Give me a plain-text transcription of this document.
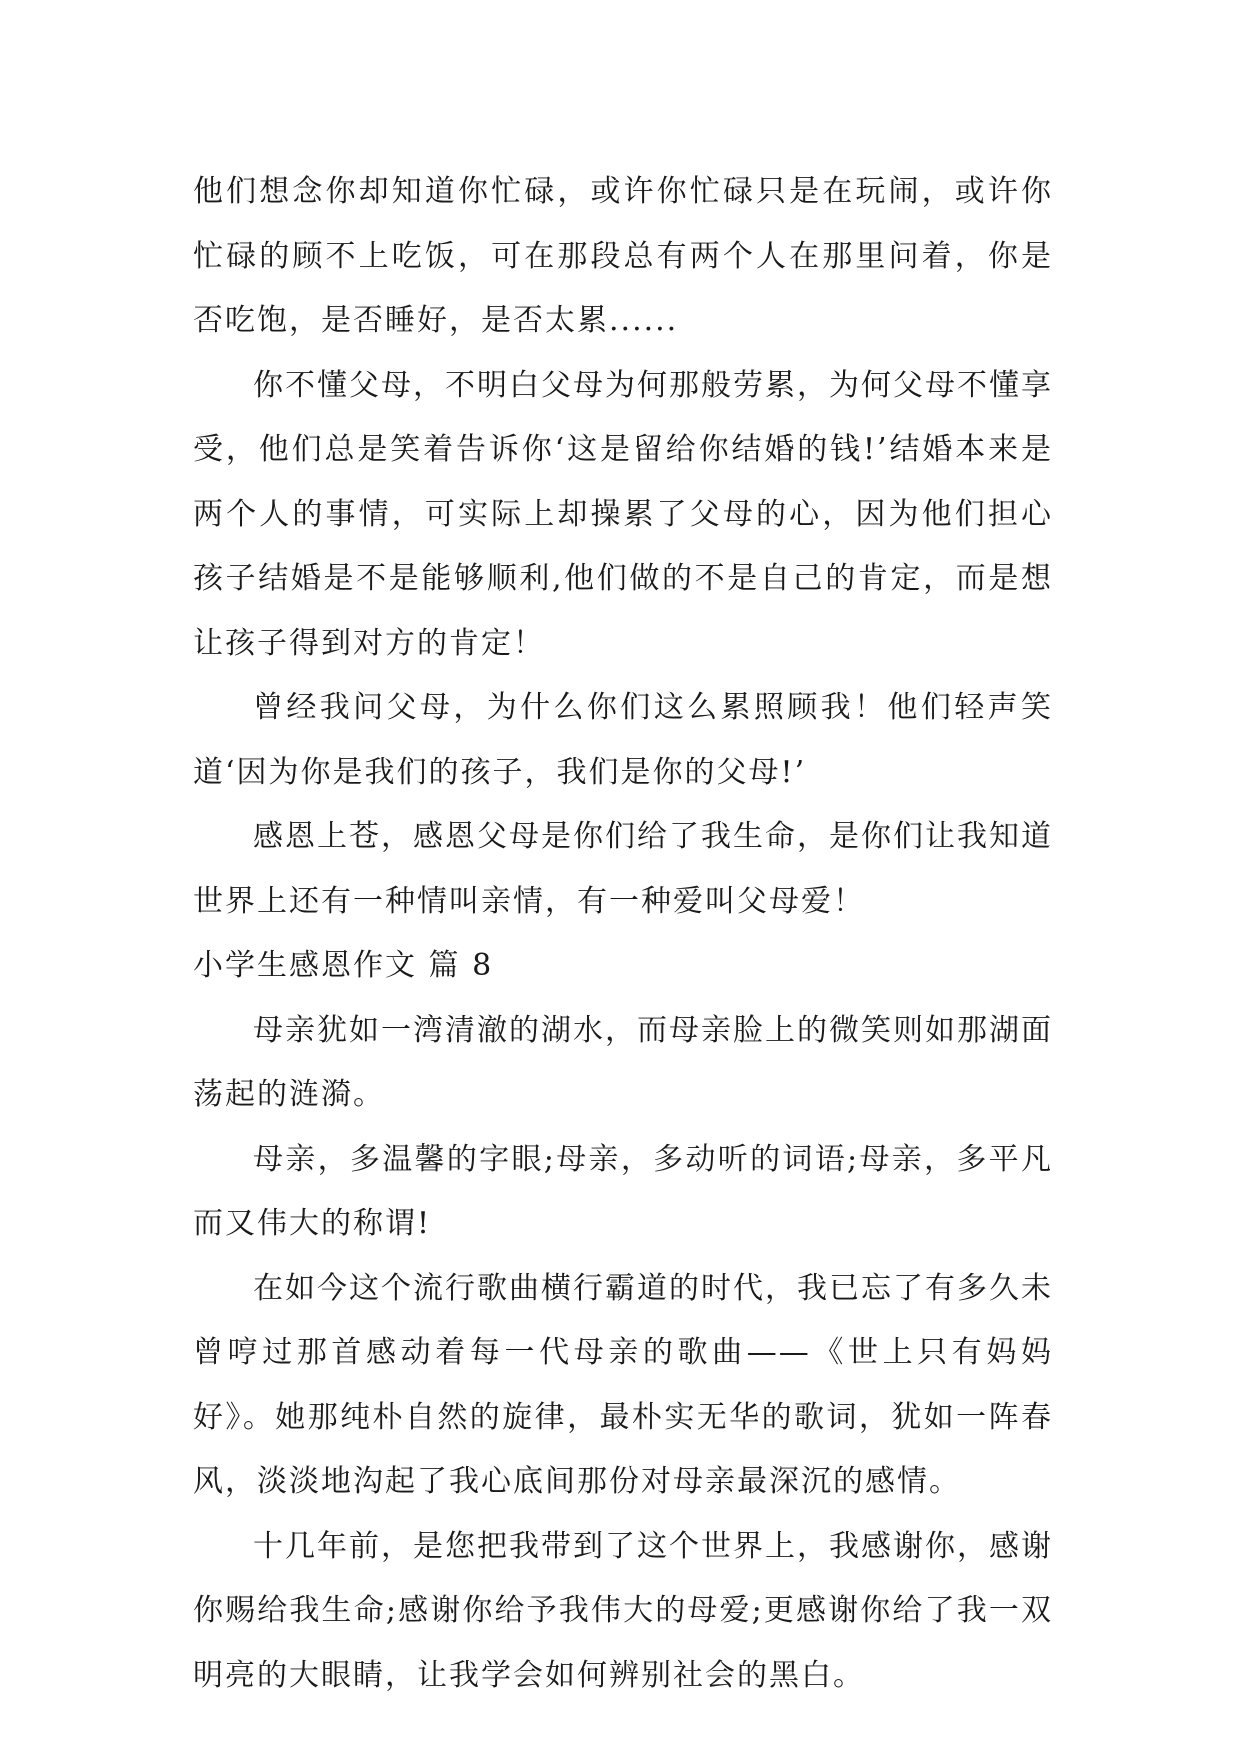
他们想念你却知道你忙碌，或许你忙碌只是在玩闹，或许你忙碌的顾不上吃饭，可在那段总有两个人在那里问着，你是否吃饱，是否睡好，是否太累......

你不懂父母，不明白父母为何那般劳累，为何父母不懂享受，他们总是笑着告诉你‘这是留给你结婚的钱!’结婚本来是两个人的事情，可实际上却操累了父母的心，因为他们担心孩子结婚是不是能够顺利,他们做的不是自己的肯定，而是想让孩子得到对方的肯定！

曾经我问父母，为什么你们这么累照顾我！他们轻声笑道‘因为你是我们的孩子，我们是你的父母!’

感恩上苍，感恩父母是你们给了我生命，是你们让我知道世界上还有一种情叫亲情，有一种爱叫父母爱！

小学生感恩作文 篇 8

母亲犹如一湾清澈的湖水，而母亲脸上的微笑则如那湖面荡起的涟漪。

母亲，多温馨的字眼;母亲，多动听的词语;母亲，多平凡而又伟大的称谓!

在如今这个流行歌曲横行霸道的时代，我已忘了有多久未曾哼过那首感动着每一代母亲的歌曲——《世上只有妈妈好》。她那纯朴自然的旋律，最朴实无华的歌词，犹如一阵春风，淡淡地沟起了我心底间那份对母亲最深沉的感情。

十几年前，是您把我带到了这个世界上，我感谢你，感谢你赐给我生命;感谢你给予我伟大的母爱;更感谢你给了我一双明亮的大眼睛，让我学会如何辨别社会的黑白。
